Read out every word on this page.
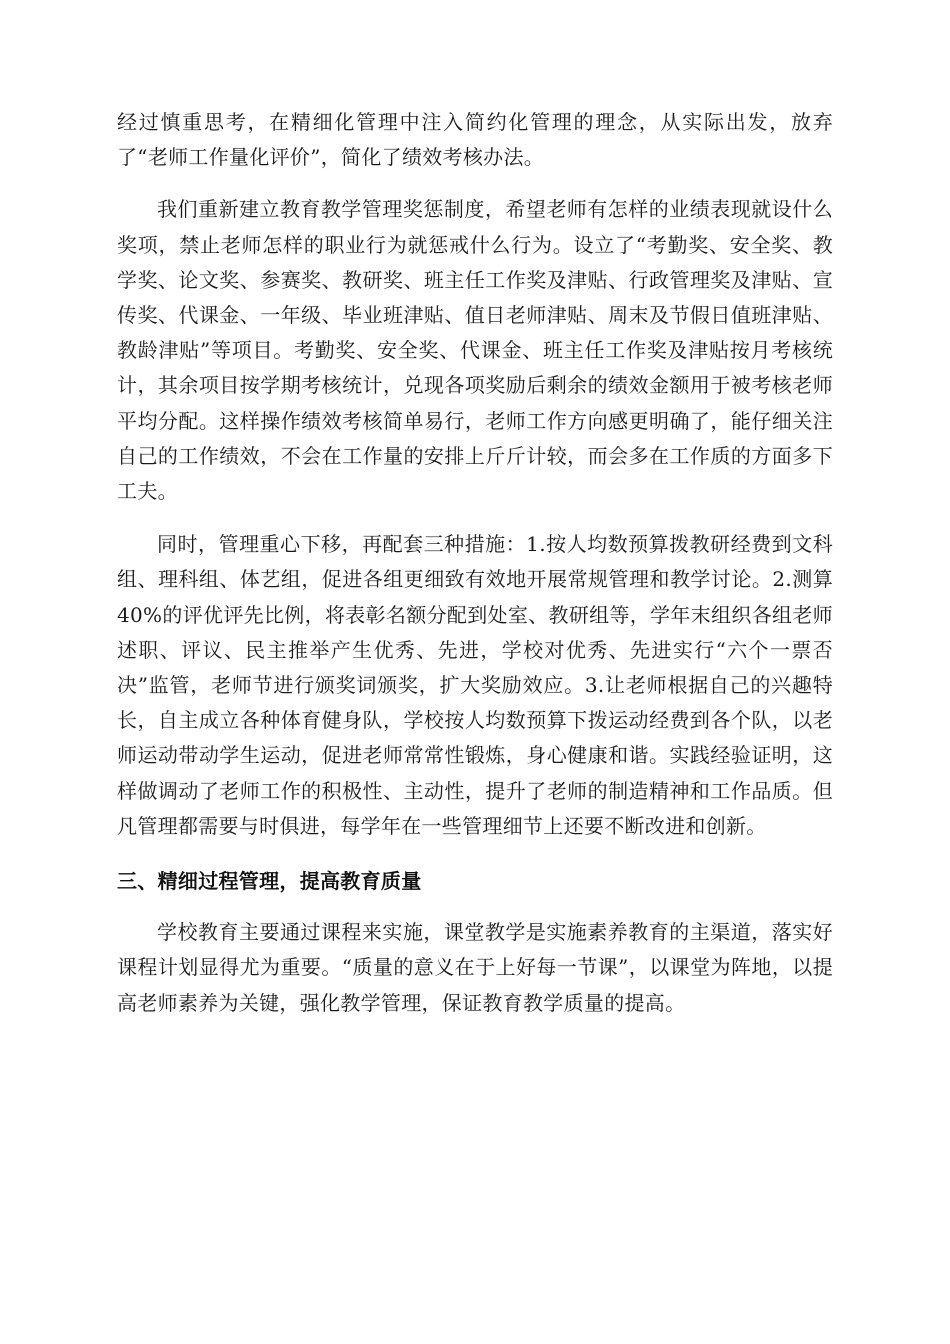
经过慎重思考，在精细化管理中注入简约化管理的理念，从实际出发，放弃了“老师工作量化评价”，简化了绩效考核办法。

我们重新建立教育教学管理奖惩制度，希望老师有怎样的业绩表现就设什么奖项，禁止老师怎样的职业行为就惩戒什么行为。设立了“考勤奖、安全奖、教学奖、论文奖、参赛奖、教研奖、班主任工作奖及津贴、行政管理奖及津贴、宣传奖、代课金、一年级、毕业班津贴、值日老师津贴、周末及节假日值班津贴、教龄津贴”等项目。考勤奖、安全奖、代课金、班主任工作奖及津贴按月考核统计，其余项目按学期考核统计，兑现各项奖励后剩余的绩效金额用于被考核老师平均分配。这样操作绩效考核简单易行，老师工作方向感更明确了，能仔细关注自己的工作绩效，不会在工作量的安排上斤斤计较，而会多在工作质的方面多下工夫。

同时，管理重心下移，再配套三种措施：1.按人均数预算拨教研经费到文科组、理科组、体艺组，促进各组更细致有效地开展常规管理和教学讨论。2.测算40%的评优评先比例，将表彰名额分配到处室、教研组等，学年末组织各组老师述职、评议、民主推举产生优秀、先进，学校对优秀、先进实行“六个一票否决”监管，老师节进行颁奖词颁奖，扩大奖励效应。3.让老师根据自己的兴趣特长，自主成立各种体育健身队，学校按人均数预算下拨运动经费到各个队，以老师运动带动学生运动，促进老师常常性锻炼，身心健康和谐。实践经验证明，这样做调动了老师工作的积极性、主动性，提升了老师的制造精神和工作品质。但凡管理都需要与时俱进，每学年在一些管理细节上还要不断改进和创新。

三、精细过程管理，提高教育质量

学校教育主要通过课程来实施，课堂教学是实施素养教育的主渠道，落实好课程计划显得尤为重要。“质量的意义在于上好每一节课”，以课堂为阵地，以提高老师素养为关键，强化教学管理，保证教育教学质量的提高。
